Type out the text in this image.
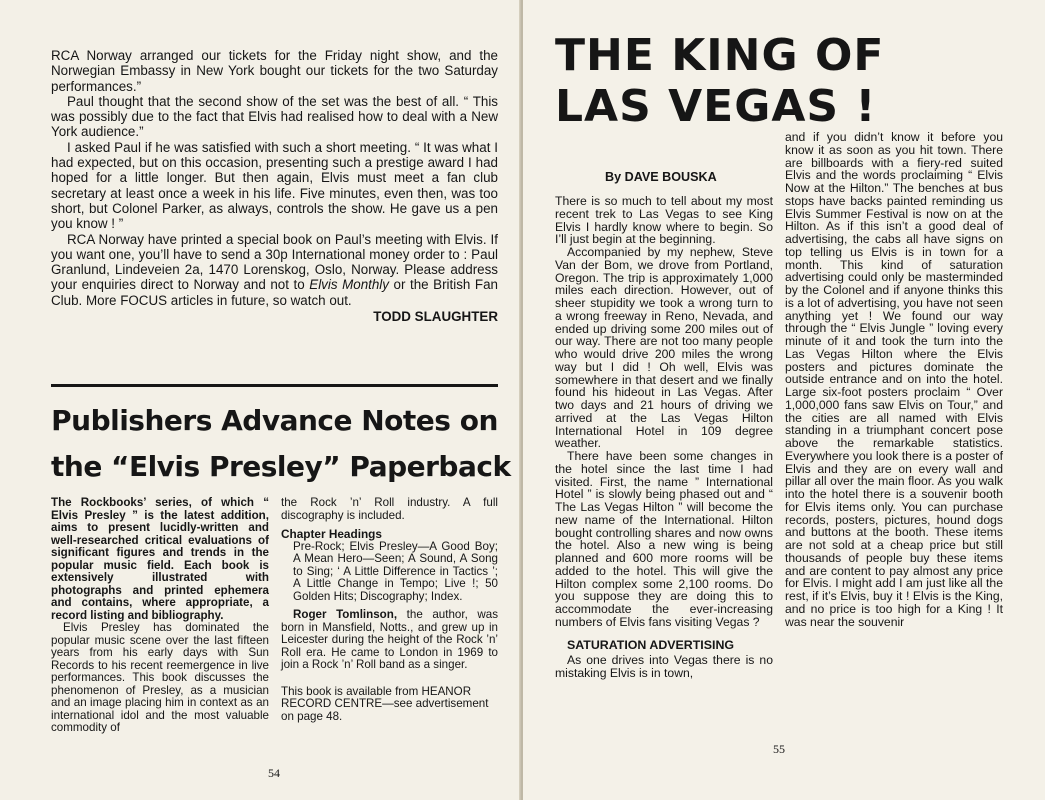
RCA Norway arranged our tickets for the Friday night show, and the Norwegian Embassy in New York bought our tickets for the two Saturday performances.”

Paul thought that the second show of the set was the best of all. “ This was possibly due to the fact that Elvis had realised how to deal with a New York audience.”

I asked Paul if he was satisfied with such a short meeting. “ It was what I had expected, but on this occasion, presenting such a prestige award I had hoped for a little longer. But then again, Elvis must meet a fan club secretary at least once a week in his life. Five minutes, even then, was too short, but Colonel Parker, as always, controls the show. He gave us a pen you know ! ”

RCA Norway have printed a special book on Paul’s meeting with Elvis. If you want one, you’ll have to send a 30p International money order to : Paul Granlund, Lindeveien 2a, 1470 Lorenskog, Oslo, Norway. Please address your enquiries direct to Norway and not to Elvis Monthly or the British Fan Club. More FOCUS articles in future, so watch out.

TODD SLAUGHTER
Publishers Advance Notes on
the “Elvis Presley” Paperback

The Rockbooks’ series, of which “ Elvis Presley ” is the latest addition, aims to present lucidly-written and well-researched critical evaluations of significant figures and trends in the popular music field. Each book is extensively illustrated with photographs and printed ephemera and contains, where appropriate, a record listing and bibliography.

Elvis Presley has dominated the popular music scene over the last fifteen years from his early days with Sun Records to his recent reemergence in live performances. This book discusses the phenomenon of Presley, as a musician and an image placing him in context as an international idol and the most valuable commodity of

the Rock ’n’ Roll industry. A full discography is included.

Chapter Headings

Pre-Rock; Elvis Presley—A Good Boy; A Mean Hero—Seen; A Sound, A Song to Sing; ‘ A Little Difference in Tactics ’; A Little Change in Tempo; Live !; 50 Golden Hits; Discography; Index.

Roger Tomlinson, the author, was born in Mansfield, Notts., and grew up in Leicester during the height of the Rock ’n’ Roll era. He came to London in 1969 to join a Rock ’n’ Roll band as a singer.

This book is available from HEANOR RECORD CENTRE—see advertisement on page 48.

54
THE KING OF
LAS VEGAS !
By DAVE BOUSKA

There is so much to tell about my most recent trek to Las Vegas to see King Elvis I hardly know where to begin. So I’ll just begin at the beginning.

Accompanied by my nephew, Steve Van der Bom, we drove from Portland, Oregon. The trip is approximately 1,000 miles each direction. However, out of sheer stupidity we took a wrong turn to a wrong freeway in Reno, Nevada, and ended up driving some 200 miles out of our way. There are not too many people who would drive 200 miles the wrong way but I did ! Oh well, Elvis was somewhere in that desert and we finally found his hideout in Las Vegas. After two days and 21 hours of driving we arrived at the Las Vegas Hilton International Hotel in 109 degree weather.

There have been some changes in the hotel since the last time I had visited. First, the name ” International Hotel ” is slowly being phased out and “ The Las Vegas Hilton ” will become the new name of the International. Hilton bought controlling shares and now owns the hotel. Also a new wing is being planned and 600 more rooms will be added to the hotel. This will give the Hilton complex some 2,100 rooms. Do you suppose they are doing this to accommodate the ever-increasing numbers of Elvis fans visiting Vegas ?

SATURATION ADVERTISING

As one drives into Vegas there is no mistaking Elvis is in town,

and if you didn’t know it before you know it as soon as you hit town. There are billboards with a fiery-red suited Elvis and the words proclaiming “ Elvis Now at the Hilton.” The benches at bus stops have backs painted reminding us Elvis Summer Festival is now on at the Hilton. As if this isn’t a good deal of advertising, the cabs all have signs on top telling us Elvis is in town for a month. This kind of saturation advertising could only be masterminded by the Colonel and if anyone thinks this is a lot of advertising, you have not seen anything yet ! We found our way through the “ Elvis Jungle ” loving every minute of it and took the turn into the Las Vegas Hilton where the Elvis posters and pictures dominate the outside entrance and on into the hotel. Large six-foot posters proclaim “ Over 1,000,000 fans saw Elvis on Tour,” and the cities are all named with Elvis standing in a triumphant concert pose above the remarkable statistics. Everywhere you look there is a poster of Elvis and they are on every wall and pillar all over the main floor. As you walk into the hotel there is a souvenir booth for Elvis items only. You can purchase records, posters, pictures, hound dogs and buttons at the booth. These items are not sold at a cheap price but still thousands of people buy these items and are content to pay almost any price for Elvis. I might add I am just like all the rest, if it’s Elvis, buy it ! Elvis is the King, and no price is too high for a King ! It was near the souvenir

55
